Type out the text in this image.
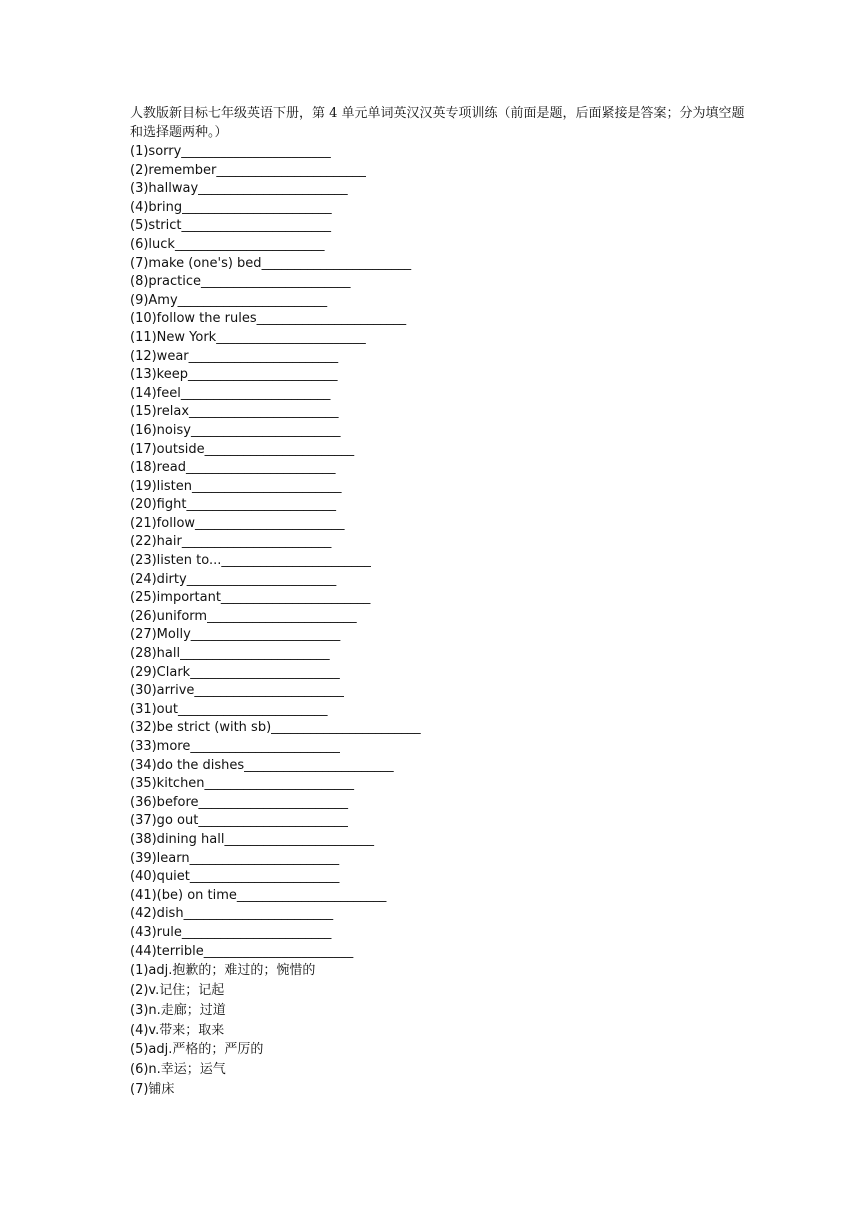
人教版新目标七年级英语下册，第 4 单元单词英汉汉英专项训练（前面是题，后面紧接是答案；分为填空题和选择题两种。）
(1)sorry_______________________
(2)remember_______________________
(3)hallway_______________________
(4)bring_______________________
(5)strict_______________________
(6)luck_______________________
(7)make (one's) bed_______________________
(8)practice_______________________
(9)Amy_______________________
(10)follow the rules_______________________
(11)New York_______________________
(12)wear_______________________
(13)keep_______________________
(14)feel_______________________
(15)relax_______________________
(16)noisy_______________________
(17)outside_______________________
(18)read_______________________
(19)listen_______________________
(20)fight_______________________
(21)follow_______________________
(22)hair_______________________
(23)listen to..._______________________
(24)dirty_______________________
(25)important_______________________
(26)uniform_______________________
(27)Molly_______________________
(28)hall_______________________
(29)Clark_______________________
(30)arrive_______________________
(31)out_______________________
(32)be strict (with sb)_______________________
(33)more_______________________
(34)do the dishes_______________________
(35)kitchen_______________________
(36)before_______________________
(37)go out_______________________
(38)dining hall_______________________
(39)learn_______________________
(40)quiet_______________________
(41)(be) on time_______________________
(42)dish_______________________
(43)rule_______________________
(44)terrible_______________________
(1)adj.抱歉的；难过的；惋惜的
(2)v.记住；记起
(3)n.走廊；过道
(4)v.带来；取来
(5)adj.严格的；严厉的
(6)n.幸运；运气
(7)铺床
